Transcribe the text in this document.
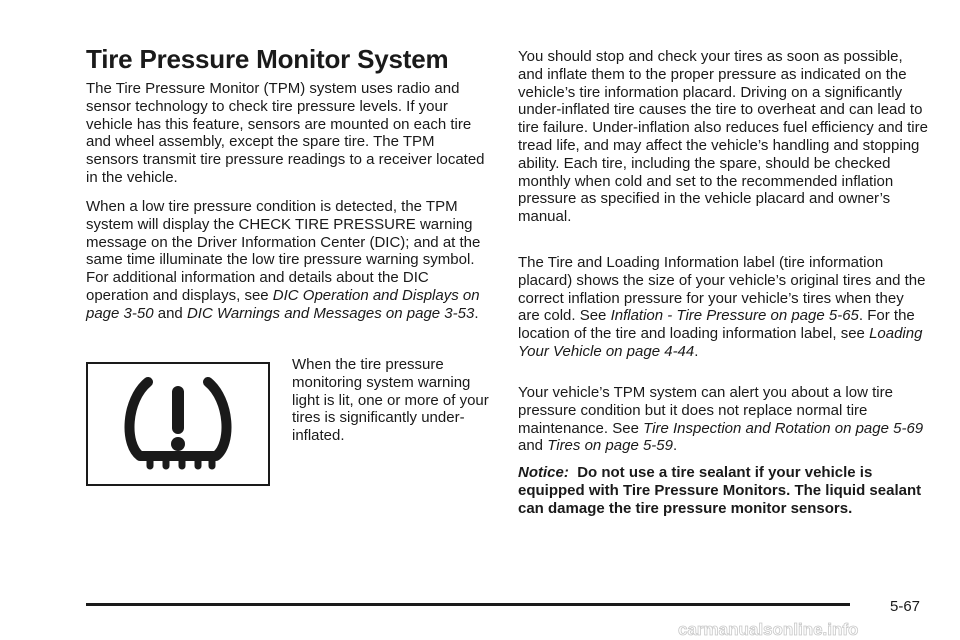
Tire Pressure Monitor System

The Tire Pressure Monitor (TPM) system uses radio and sensor technology to check tire pressure levels. If your vehicle has this feature, sensors are mounted on each tire and wheel assembly, except the spare tire. The TPM sensors transmit tire pressure readings to a receiver located in the vehicle.

When a low tire pressure condition is detected, the TPM system will display the CHECK TIRE PRESSURE warning message on the Driver Information Center (DIC); and at the same time illuminate the low tire pressure warning symbol. For additional information and details about the DIC operation and displays, see DIC Operation and Displays on page 3-50 and DIC Warnings and Messages on page 3-53.

When the tire pressure monitoring system warning light is lit, one or more of your tires is significantly under-inflated.

You should stop and check your tires as soon as possible, and inflate them to the proper pressure as indicated on the vehicle’s tire information placard. Driving on a significantly under-inflated tire causes the tire to overheat and can lead to tire failure. Under-inflation also reduces fuel efficiency and tire tread life, and may affect the vehicle’s handling and stopping ability. Each tire, including the spare, should be checked monthly when cold and set to the recommended inflation pressure as specified in the vehicle placard and owner’s manual.

The Tire and Loading Information label (tire information placard) shows the size of your vehicle’s original tires and the correct inflation pressure for your vehicle’s tires when they are cold. See Inflation - Tire Pressure on page 5-65. For the location of the tire and loading information label, see Loading Your Vehicle on page 4-44.

Your vehicle’s TPM system can alert you about a low tire pressure condition but it does not replace normal tire maintenance. See Tire Inspection and Rotation on page 5-69 and Tires on page 5-59.

Notice: Do not use a tire sealant if your vehicle is equipped with Tire Pressure Monitors. The liquid sealant can damage the tire pressure monitor sensors.

5-67
carmanualsonline.info
